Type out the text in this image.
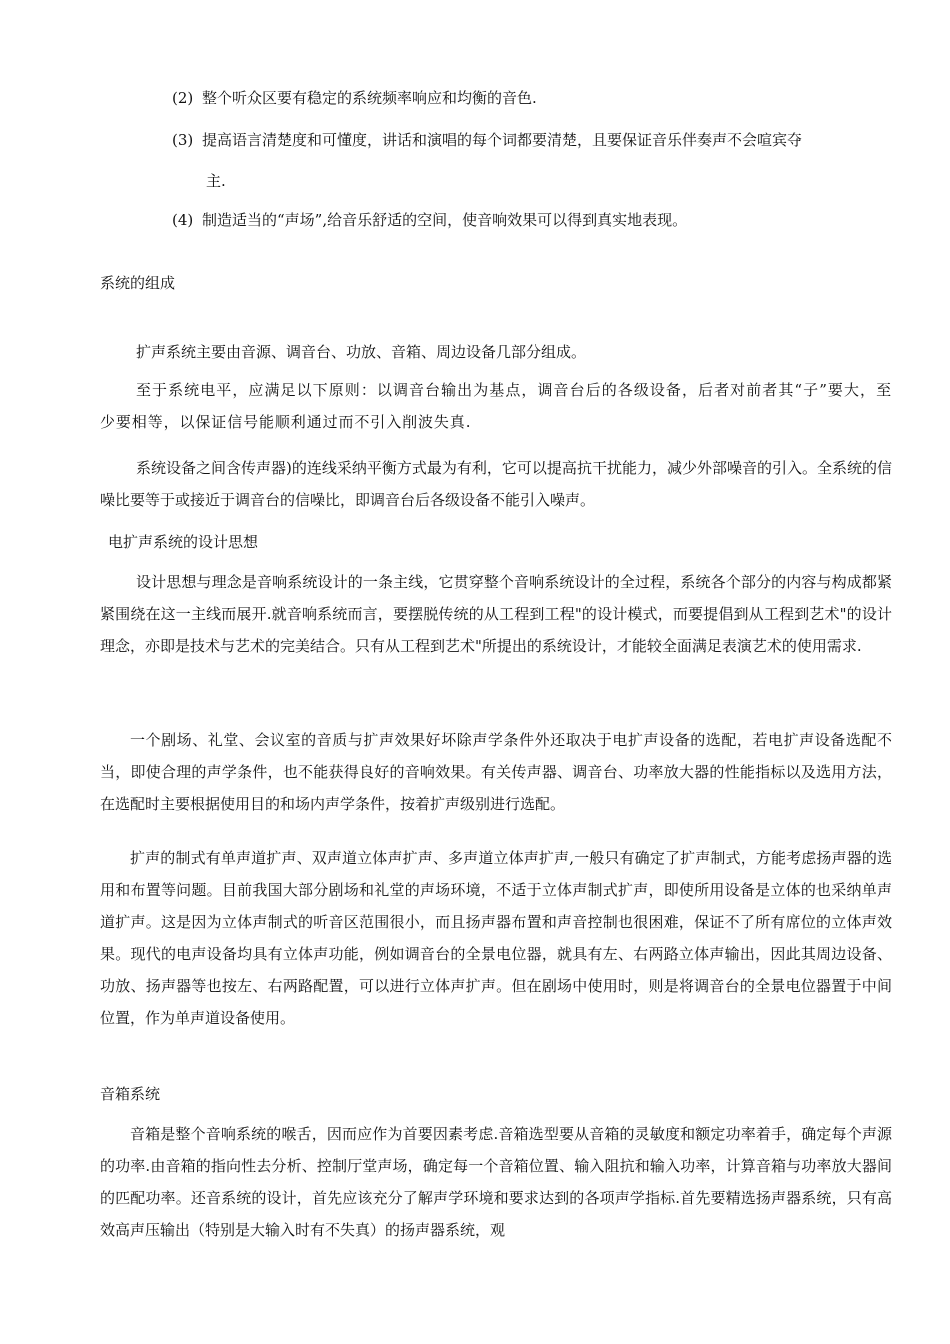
(2) 整个听众区要有稳定的系统频率响应和均衡的音色.
(3) 提高语言清楚度和可懂度，讲话和演唱的每个词都要清楚，且要保证音乐伴奏声不会喧宾夺
主.
(4) 制造适当的“声场”,给音乐舒适的空间，使音响效果可以得到真实地表现。
系统的组成
扩声系统主要由音源、调音台、功放、音箱、周边设备几部分组成。
至于系统电平，应满足以下原则：以调音台输出为基点，调音台后的各级设备，后者对前者其“子”要大，至少要相等，以保证信号能顺利通过而不引入削波失真.
系统设备之间含传声器)的连线采纳平衡方式最为有利，它可以提高抗干扰能力，减少外部噪音的引入。全系统的信噪比要等于或接近于调音台的信噪比，即调音台后各级设备不能引入噪声。
电扩声系统的设计思想
设计思想与理念是音响系统设计的一条主线，它贯穿整个音响系统设计的全过程，系统各个部分的内容与构成都紧紧围绕在这一主线而展开.就音响系统而言，要摆脱传统的从工程到工程"的设计模式，而要提倡到从工程到艺术"的设计理念，亦即是技术与艺术的完美结合。只有从工程到艺术"所提出的系统设计，才能较全面满足表演艺术的使用需求.
一个剧场、礼堂、会议室的音质与扩声效果好坏除声学条件外还取决于电扩声设备的选配，若电扩声设备选配不当，即使合理的声学条件，也不能获得良好的音响效果。有关传声器、调音台、功率放大器的性能指标以及选用方法，在选配时主要根据使用目的和场内声学条件，按着扩声级别进行选配。
扩声的制式有单声道扩声、双声道立体声扩声、多声道立体声扩声,一般只有确定了扩声制式，方能考虑扬声器的选用和布置等问题。目前我国大部分剧场和礼堂的声场环境，不适于立体声制式扩声，即使所用设备是立体的也采纳单声道扩声。这是因为立体声制式的听音区范围很小，而且扬声器布置和声音控制也很困难，保证不了所有席位的立体声效果。现代的电声设备均具有立体声功能，例如调音台的全景电位器，就具有左、右两路立体声输出，因此其周边设备、功放、扬声器等也按左、右两路配置，可以进行立体声扩声。但在剧场中使用时，则是将调音台的全景电位器置于中间位置，作为单声道设备使用。
音箱系统
音箱是整个音响系统的喉舌，因而应作为首要因素考虑.音箱选型要从音箱的灵敏度和额定功率着手，确定每个声源的功率.由音箱的指向性去分析、控制厅堂声场，确定每一个音箱位置、输入阻抗和输入功率，计算音箱与功率放大器间的匹配功率。还音系统的设计，首先应该充分了解声学环境和要求达到的各项声学指标.首先要精选扬声器系统，只有高效高声压输出（特别是大输入时有不失真）的扬声器系统，观
